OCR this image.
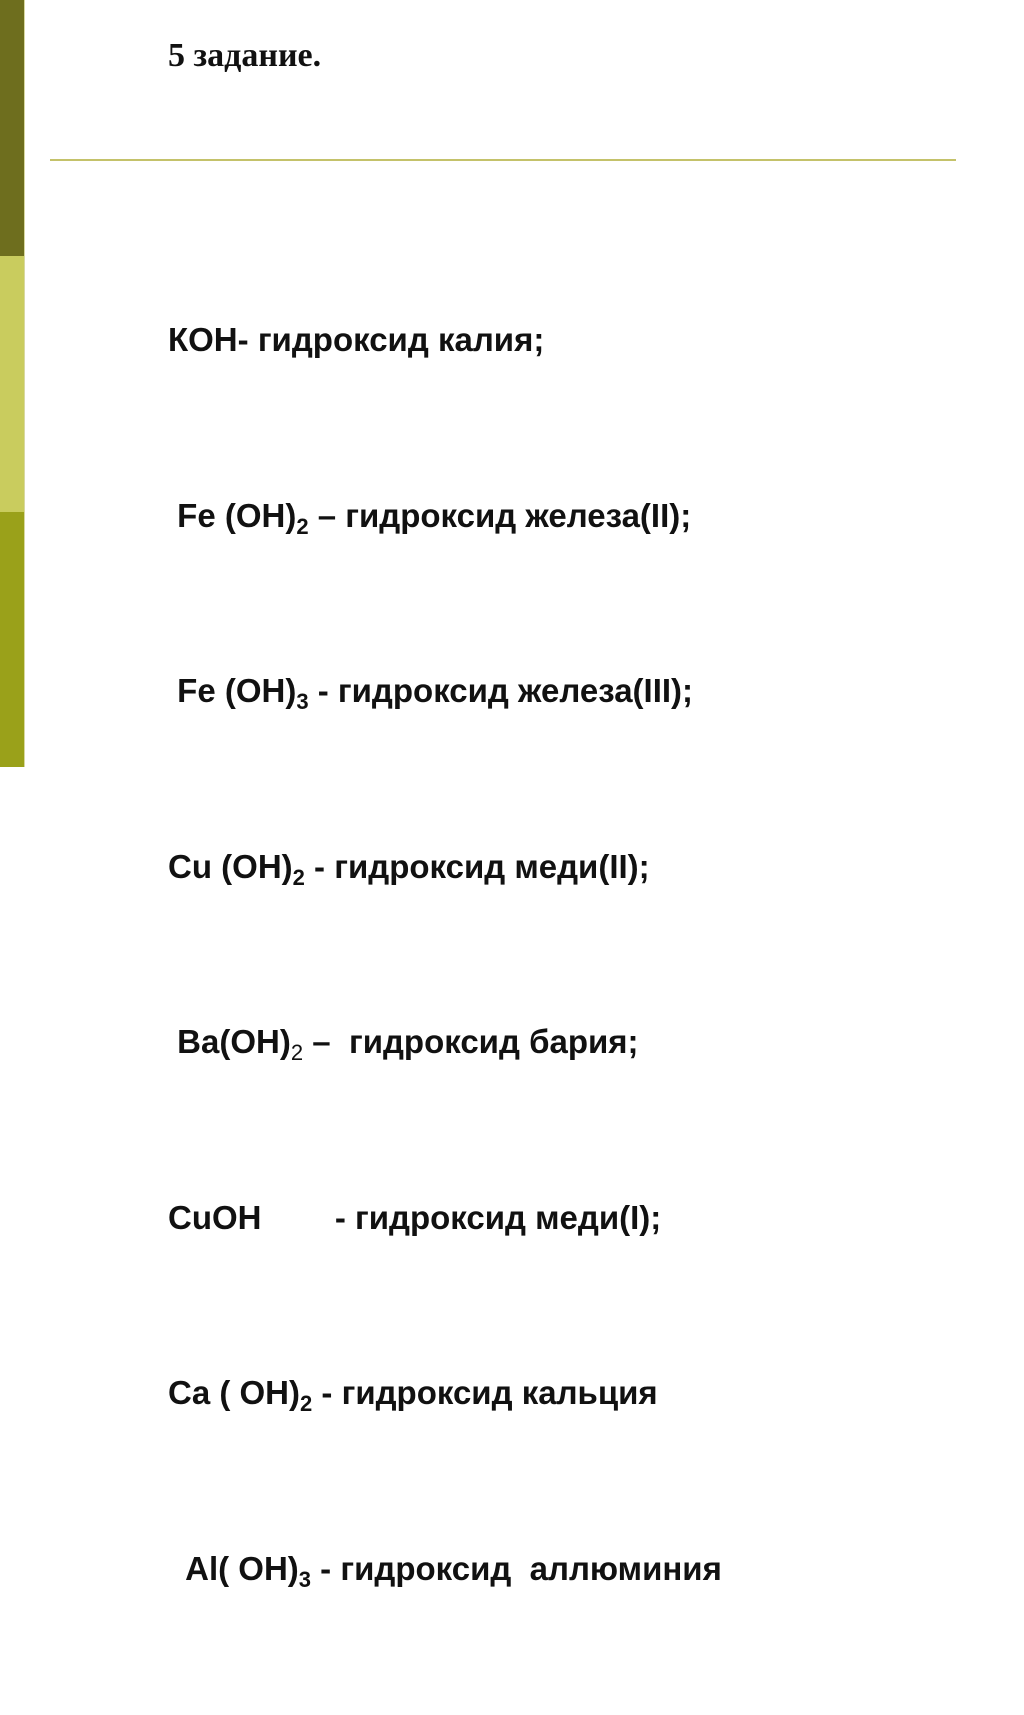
5 задание.

КОН- гидроксид калия;

Fe $(OH)_2$ – гидроксид железа(II);

Fe $(OH)_3$ - гидроксид железа(III);

Cu $(OH)_2$ - гидроксид меди(II);

$Ba(OH)_2$ –  гидроксид бария;

CuOH        - гидроксид меди(I);

Ca ( $OH)_2$ - гидроксид кальция

Al( $OH)_3$ - гидроксид  аллюминия
